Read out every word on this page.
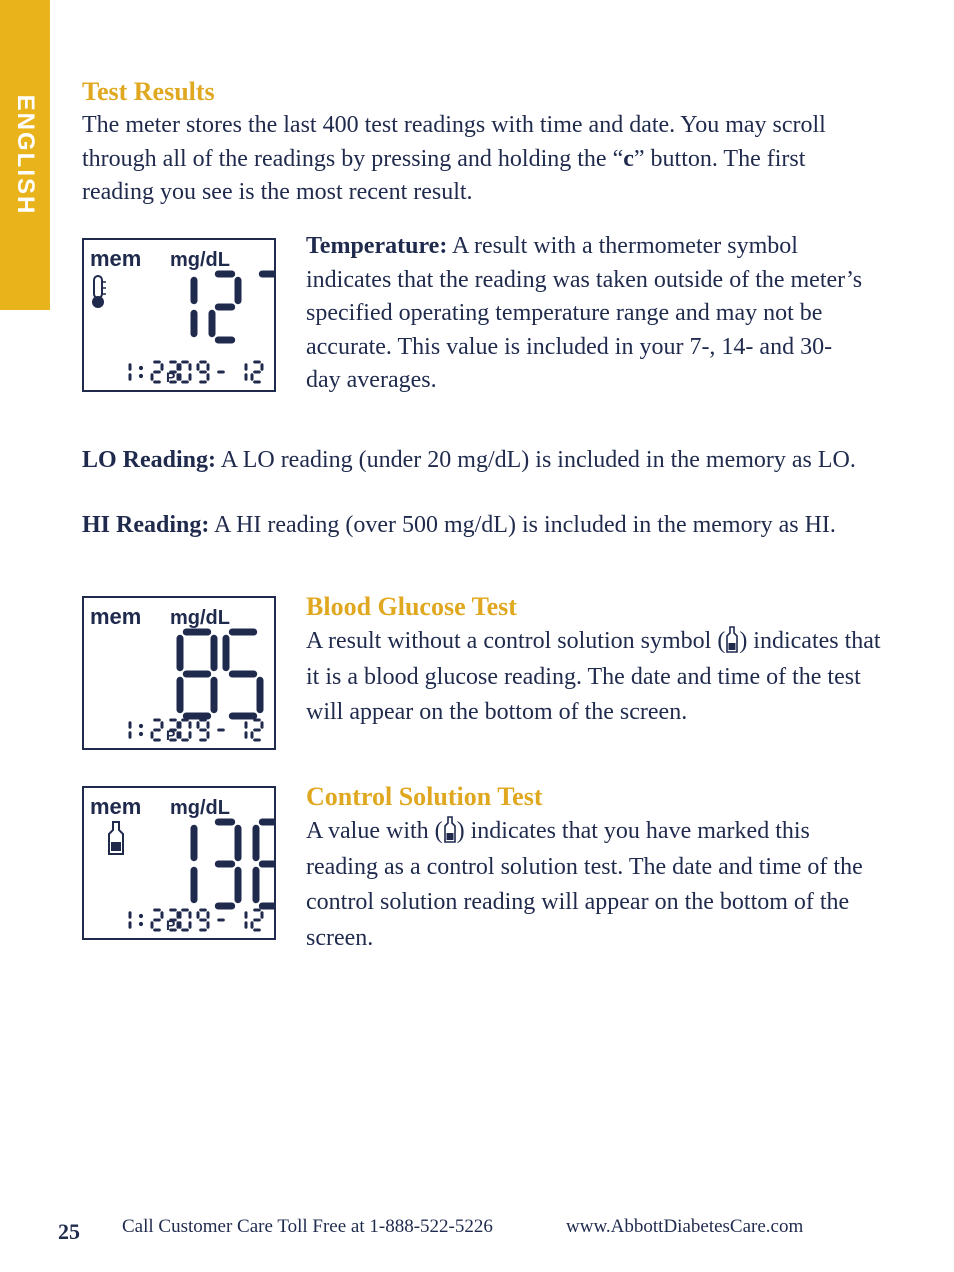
ENGLISH
Test Results

The meter stores the last 400 test readings with time and date. You may scroll through all of the readings by pressing and holding the “c” button. The first reading you see is the most recent result.

mem mg/dL
P

Temperature: A result with a thermometer symbol indicates that the reading was taken outside of the meter’s specified operating temperature range and may not be accurate. This value is included in your 7-, 14- and 30-day averages.

LO Reading: A LO reading (under 20 mg/dL) is included in the memory as LO.

HI Reading: A HI reading (over 500 mg/dL) is included in the memory as HI.

mem mg/dL
P
Blood Glucose Test

A result without a control solution symbol ( ) indicates that it is a blood glucose reading. The date and time of the test will appear on the bottom of the screen.

mem mg/dL
P
Control Solution Test

A value with ( ) indicates that you have marked this reading as a control solution test. The date and time of the control solution reading will appear on the bottom of the screen.

25 Call Customer Care Toll Free at 1-888-522-5226	www.AbbottDiabetesCare.com
